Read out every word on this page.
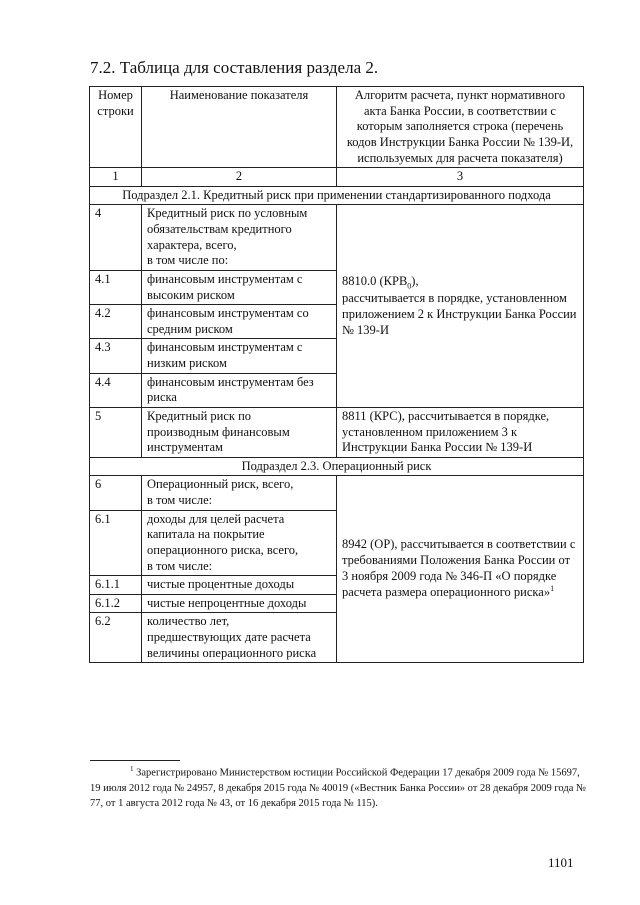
7.2. Таблица для составления раздела 2.
Номер строки	Наименование показателя	Алгоритм расчета, пункт нормативного акта Банка России, в соответствии с которым заполняется строка (перечень кодов Инструкции Банка России № 139-И, используемых для расчета показателя)
1	2	3
Подраздел 2.1. Кредитный риск при применении стандартизированного подхода		
4	Кредитный риск по условным
обязательствам кредитного
характера, всего,
в том числе по:	8810.0 $(КРВ_0)$,
рассчитывается в порядке, установленном приложением 2 к Инструкции Банка России № 139-И
4.1	финансовым инструментам с
высоким риском	
4.2	финансовым инструментам со
средним риском	
4.3	финансовым инструментам с
низким риском	
4.4	финансовым инструментам без
риска	
5	Кредитный риск по
производным финансовым
инструментам	8811 (КРС), рассчитывается в порядке, установленном приложением 3 к Инструкции Банка России № 139-И
Подраздел 2.3. Операционный риск		
6	Операционный риск, всего,
в том числе:	8942 (ОР), рассчитывается в соответствии с требованиями Положения Банка России от 3 ноября 2009 года № 346-П «О порядке расчета размера операционного риска»$^1$
6.1	доходы для целей расчета
капитала на покрытие
операционного риска, всего,
в том числе:	
6.1.1	чистые процентные доходы	
6.1.2	чистые непроцентные доходы	
6.2	количество лет,
предшествующих дате расчета
величины операционного риска	
$^1$ Зарегистрировано Министерством юстиции Российской Федерации 17 декабря 2009 года № 15697, 19 июля 2012 года № 24957, 8 декабря 2015 года № 40019 («Вестник Банка России» от 28 декабря 2009 года № 77, от 1 августа 2012 года № 43, от 16 декабря 2015 года № 115).
1101
